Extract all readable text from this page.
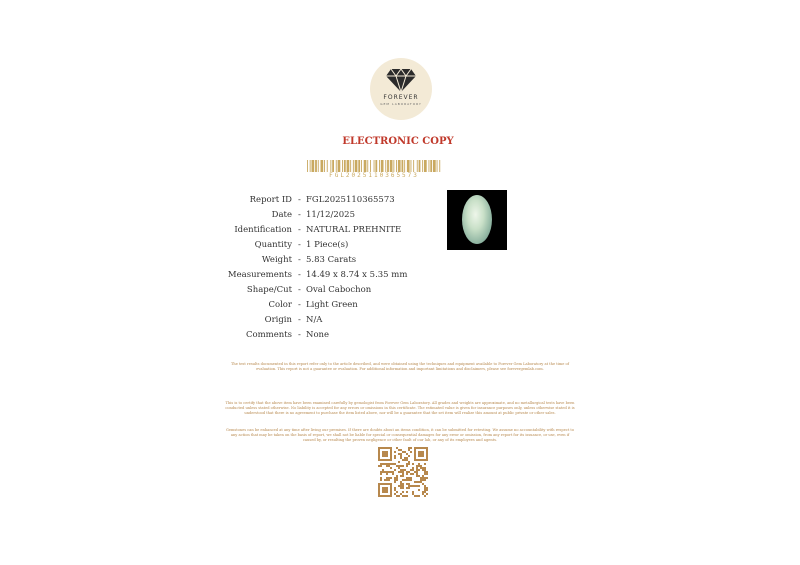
FOREVER
GEM LABORATORY
ELECTRONIC COPY
FGL2025110365573
Report ID - FGL2025110365573
Date - 11/12/2025
Identification - NATURAL PREHNITE
Quantity - 1 Piece(s)
Weight - 5.83 Carats
Measurements - 14.49 x 8.74 x 5.35 mm
Shape/Cut - Oval Cabochon
Color - Light Green
Origin - N/A
Comments - None
The test results documented in this report refer only to the article described, and were obtained using the techniques and equipment available to Forever Gem Laboratory at the time of evaluation. This report is not a guarantee or evaluation. For additional information and important limitations and disclaimers, please see forevergemlab.com.
This is to certify that the above item have been examined carefully by gemologist from Forever Gem Laboratory. All grades and weights are approximate, and no metallurgical tests have been conducted unless stated otherwise. No liability is accepted for any errors or omissions in this certificate. The estimated value is given for insurance purposes only, unless otherwise stated it is understood that there is no agreement to purchase the item listed above, nor will be a guarantee that the set item will realize this amount at public private or other sales.
Gemstones can be enhanced at any time after living our premises. If there are doubts about an items condition, it can be submitted for retesting. We assume no accountability with respect to any action that may be taken on the basis of report, we shall not be liable for special or consequential damages for any error or omission, from any report for its issuance, or use, even if caused by, or resulting the proven negligence or other fault of our lab, or any of its employees and agents.
